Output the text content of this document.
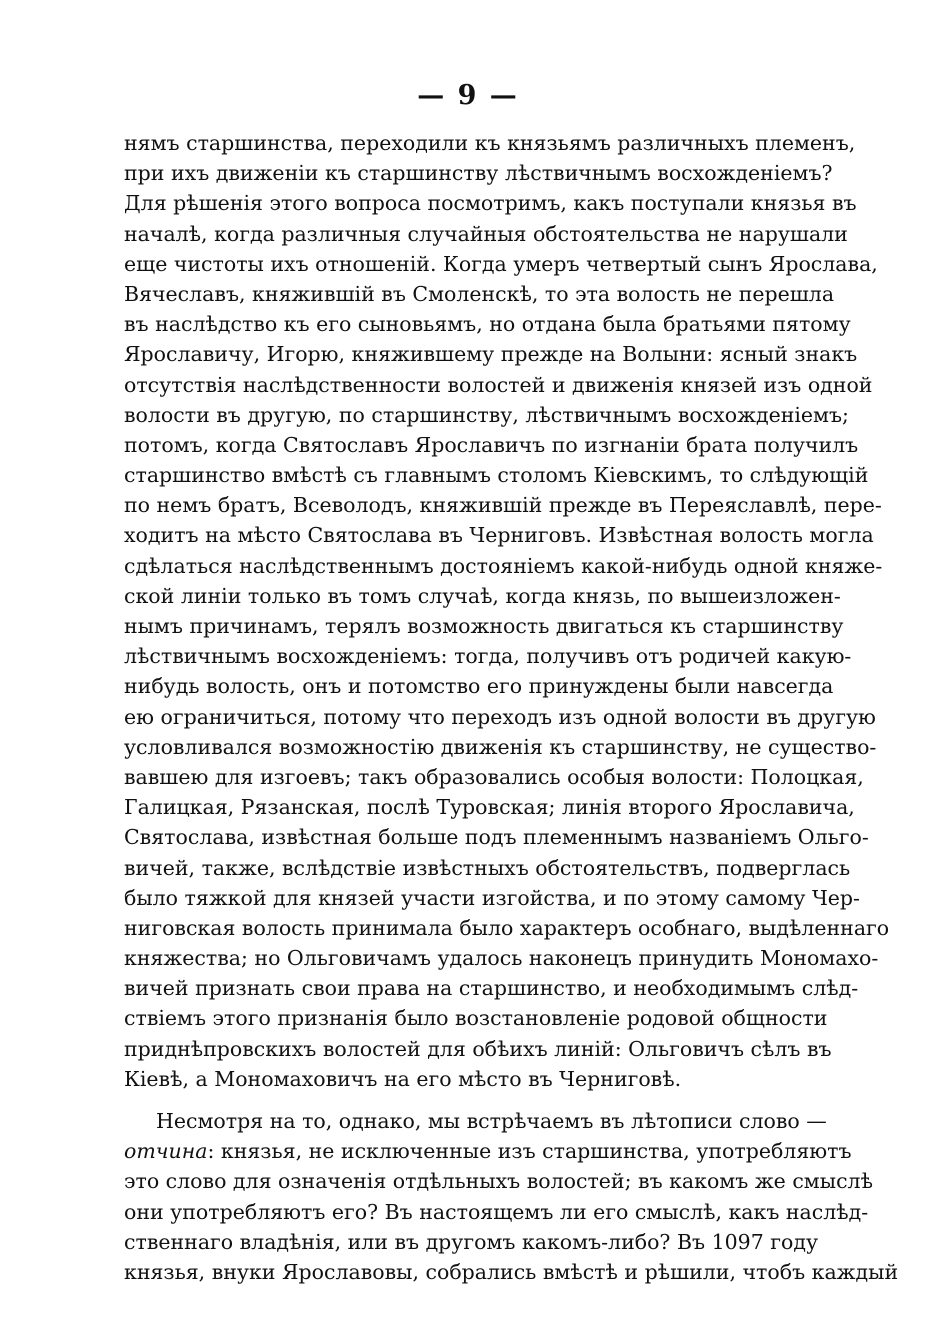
— 9 —
нямъ старшинства, переходили къ князьямъ различныхъ племенъ,
при ихъ движенiи къ старшинству лѣствичнымъ восхожденiемъ?
Для рѣшенія этого вопроса посмотримъ, какъ поступали князья въ
началѣ, когда различныя случайныя обстоятельства не нарушали
еще чистоты ихъ отношеній. Когда умеръ четвертый сынъ Ярослава,
Вячеславъ, княжившій въ Смоленскѣ, то эта волость не перешла
въ наслѣдство къ его сыновьямъ, но отдана была братьями пятому
Ярославичу, Игорю, княжившему прежде на Волыни: ясный знакъ
отсутствія наслѣдственности волостей и движенія князей изъ одной
волости въ другую, по старшинству, лѣствичнымъ восхожденіемъ;
потомъ, когда Святославъ Ярославичъ по изгнаніи брата получилъ
старшинство вмѣстѣ съ главнымъ столомъ Кіевскимъ, то слѣдующій
по немъ братъ, Всеволодъ, княжившій прежде въ Переяславлѣ, пере-
ходитъ на мѣсто Святослава въ Черниговъ. Извѣстная волость могла
сдѣлаться наслѣдственнымъ достояніемъ какой-нибудь одной княже-
ской линіи только въ томъ случаѣ, когда князь, по вышеизложен-
нымъ причинамъ, терялъ возможность двигаться къ старшинству
лѣствичнымъ восхожденіемъ: тогда, получивъ отъ родичей какую-
нибудь волость, онъ и потомство его принуждены были навсегда
ею ограничиться, потому что переходъ изъ одной волости въ другую
условливался возможностію движенія къ старшинству, не существо-
вавшею для изгоевъ; такъ образовались особыя волости: Полоцкая,
Галицкая, Рязанская, послѣ Туровская; линія второго Ярославича,
Святослава, извѣстная больше подъ племеннымъ названіемъ Ольго-
вичей, также, вслѣдствіе извѣстныхъ обстоятельствъ, подверглась
было тяжкой для князей участи изгойства, и по этому самому Чер-
ниговская волость принимала было характеръ особнаго, выдѣленнаго
княжества; но Ольговичамъ удалось наконецъ принудить Мономахо-
вичей признать свои права на старшинство, и необходимымъ слѣд-
ствіемъ этого признанія было возстановленіе родовой общности
приднѣпровскихъ волостей для обѣихъ линій: Ольговичъ сѣлъ въ
Кіевѣ, а Мономаховичъ на его мѣсто въ Черниговѣ.
Несмотря на то, однако, мы встрѣчаемъ въ лѣтописи слово —
отчина: князья, не исключенные изъ старшинства, употребляютъ
это слово для означенія отдѣльныхъ волостей; въ какомъ же смыслѣ
они употребляютъ его? Въ настоящемъ ли его смыслѣ, какъ наслѣд-
ственнаго владѣнія, или въ другомъ какомъ-либо? Въ 1097 году
князья, внуки Ярославовы, собрались вмѣстѣ и рѣшили, чтобъ каждый
